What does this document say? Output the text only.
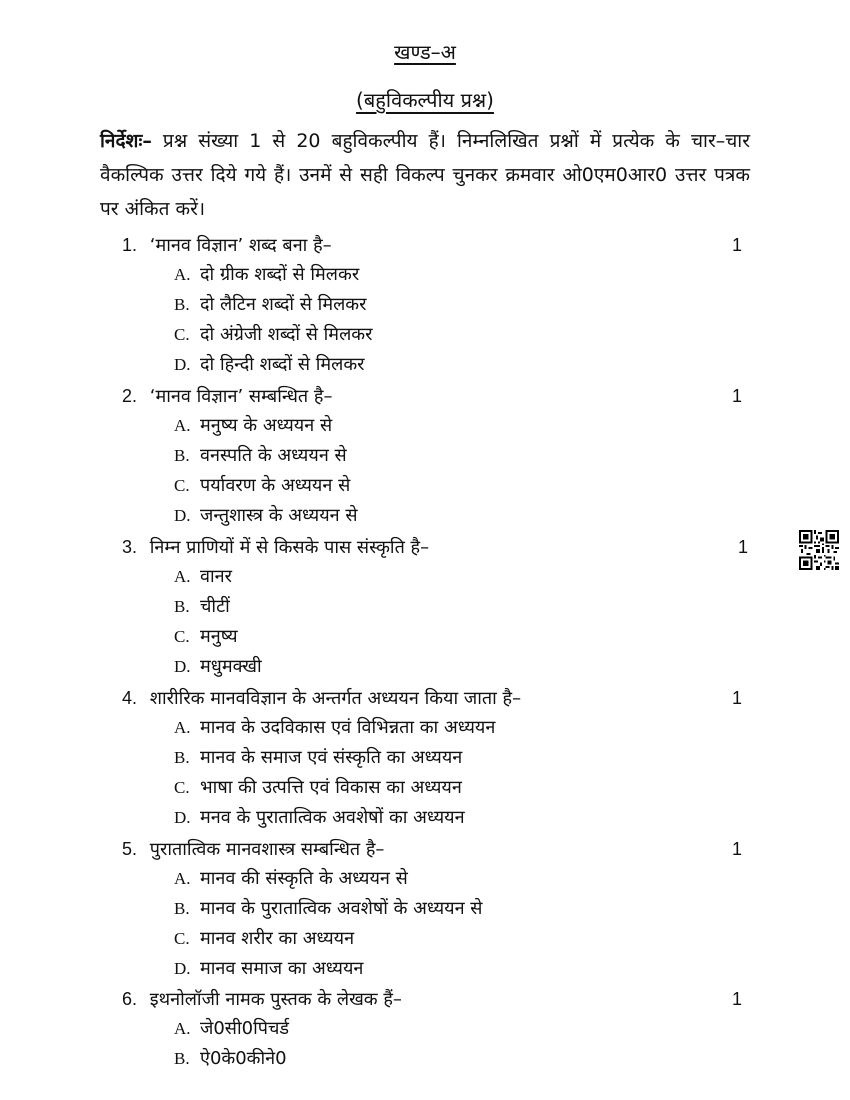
खण्ड–अ
(बहुविकल्पीय प्रश्न)
निर्देशः– प्रश्न संख्या 1 से 20 बहुविकल्पीय हैं। निम्नलिखित प्रश्नों में प्रत्येक के चार–चार वैकल्पिक उत्तर दिये गये हैं। उनमें से सही विकल्प चुनकर क्रमवार ओ0एम0आर0 उत्तर पत्रक पर अंकित करें।
1. ‘मानव विज्ञान’ शब्द बना है–	1
A. दो ग्रीक शब्दों से मिलकर
B. दो लैटिन शब्दों से मिलकर
C. दो अंग्रेजी शब्दों से मिलकर
D. दो हिन्दी शब्दों से मिलकर
2. ‘मानव विज्ञान’ सम्बन्धित है–	1
A. मनुष्य के अध्ययन से
B. वनस्पति के अध्ययन से
C. पर्यावरण के अध्ययन से
D. जन्तुशास्त्र के अध्ययन से
3. निम्न प्राणियों में से किसके पास संस्कृति है–	1
A. वानर
B. चीटीं
C. मनुष्य
D. मधुमक्खी
4. शारीरिक मानवविज्ञान के अन्तर्गत अध्ययन किया जाता है–	1
A. मानव के उदविकास एवं विभिन्नता का अध्ययन
B. मानव के समाज एवं संस्कृति का अध्ययन
C. भाषा की उत्पत्ति एवं विकास का अध्ययन
D. मनव के पुरातात्विक अवशेषों का अध्ययन
5. पुरातात्विक मानवशास्त्र सम्बन्धित है–	1
A. मानव की संस्कृति के अध्ययन से
B. मानव के पुरातात्विक अवशेषों के अध्ययन से
C. मानव शरीर का अध्ययन
D. मानव समाज का अध्ययन
6. इथनोलॉजी नामक पुस्तक के लेखक हैं–	1
A. जे0सी0पिचर्ड
B. ऐ0के0कीने0
